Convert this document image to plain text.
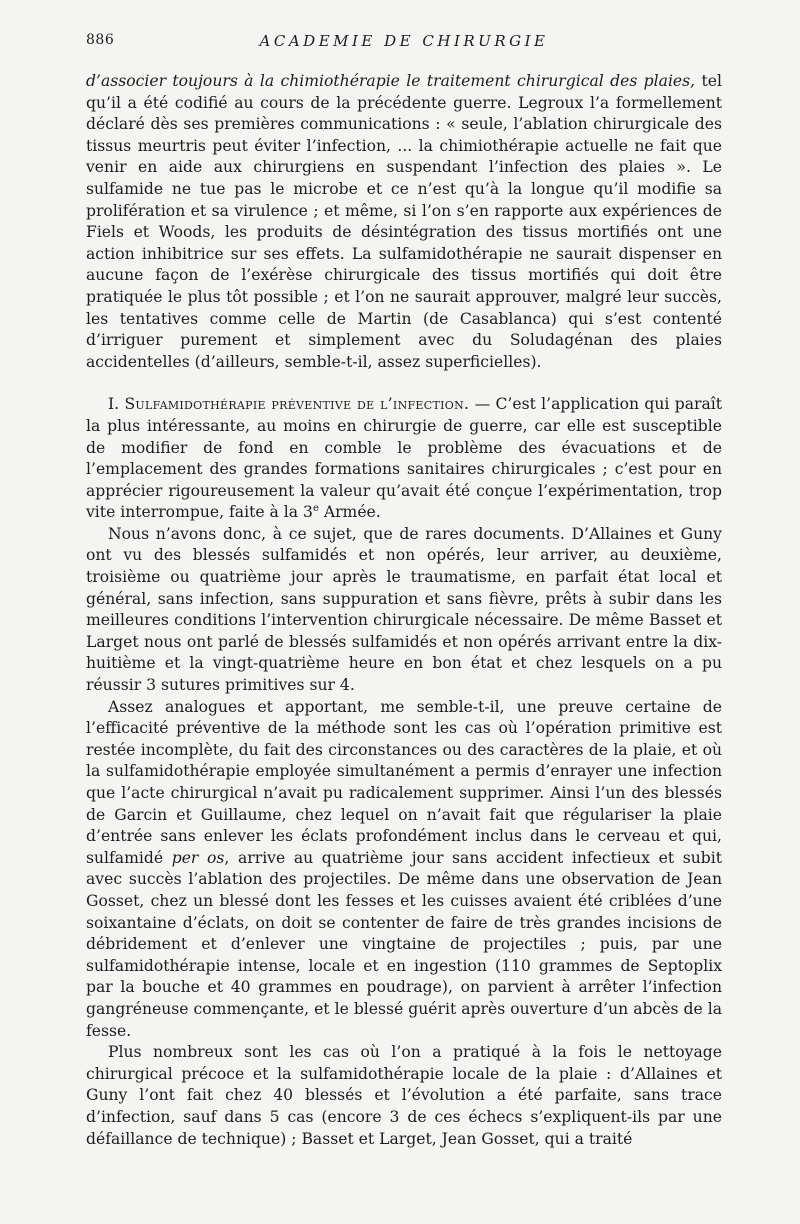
886	ACADEMIE DE CHIRURGIE

d’associer toujours à la chimiothérapie le traitement chirurgical des plaies, tel qu’il a été codifié au cours de la précédente guerre. Legroux l’a formellement déclaré dès ses premières communications : « seule, l’ablation chirurgicale des tissus meurtris peut éviter l’infection, ... la chimiothérapie actuelle ne fait que venir en aide aux chirurgiens en suspendant l’infection des plaies ». Le sulfamide ne tue pas le microbe et ce n’est qu’à la longue qu’il modifie sa prolifération et sa virulence ; et même, si l’on s’en rapporte aux expériences de Fiels et Woods, les produits de désintégration des tissus mortifiés ont une action inhibitrice sur ses effets. La sulfamidothérapie ne saurait dispenser en aucune façon de l’exérèse chirurgicale des tissus mortifiés qui doit être pratiquée le plus tôt possible ; et l’on ne saurait approuver, malgré leur succès, les tentatives comme celle de Martin (de Casablanca) qui s’est contenté d’irriguer purement et simplement avec du Soludagénan des plaies accidentelles (d’ailleurs, semble-t-il, assez superficielles).

I. Sulfamidothérapie préventive de l’infection. — C’est l’application qui paraît la plus intéressante, au moins en chirurgie de guerre, car elle est susceptible de modifier de fond en comble le problème des évacuations et de l’emplacement des grandes formations sanitaires chirurgicales ; c’est pour en apprécier rigoureusement la valeur qu’avait été conçue l’expérimentation, trop vite interrompue, faite à la 3e Armée.

Nous n’avons donc, à ce sujet, que de rares documents. D’Allaines et Guny ont vu des blessés sulfamidés et non opérés, leur arriver, au deuxième, troisième ou quatrième jour après le traumatisme, en parfait état local et général, sans infection, sans suppuration et sans fièvre, prêts à subir dans les meilleures conditions l’intervention chirurgicale nécessaire. De même Basset et Larget nous ont parlé de blessés sulfamidés et non opérés arrivant entre la dix-huitième et la vingt-quatrième heure en bon état et chez lesquels on a pu réussir 3 sutures primitives sur 4.

Assez analogues et apportant, me semble-t-il, une preuve certaine de l’efficacité préventive de la méthode sont les cas où l’opération primitive est restée incomplète, du fait des circonstances ou des caractères de la plaie, et où la sulfamidothérapie employée simultanément a permis d’enrayer une infection que l’acte chirurgical n’avait pu radicalement supprimer. Ainsi l’un des blessés de Garcin et Guillaume, chez lequel on n’avait fait que régulariser la plaie d’entrée sans enlever les éclats profondément inclus dans le cerveau et qui, sulfamidé per os, arrive au quatrième jour sans accident infectieux et subit avec succès l’ablation des projectiles. De même dans une observation de Jean Gosset, chez un blessé dont les fesses et les cuisses avaient été criblées d’une soixantaine d’éclats, on doit se contenter de faire de très grandes incisions de débridement et d’enlever une vingtaine de projectiles ; puis, par une sulfamidothérapie intense, locale et en ingestion (110 grammes de Septoplix par la bouche et 40 grammes en poudrage), on parvient à arrêter l’infection gangréneuse commençante, et le blessé guérit après ouverture d’un abcès de la fesse.

Plus nombreux sont les cas où l’on a pratiqué à la fois le nettoyage chirurgical précoce et la sulfamidothérapie locale de la plaie : d’Allaines et Guny l’ont fait chez 40 blessés et l’évolution a été parfaite, sans trace d’infection, sauf dans 5 cas (encore 3 de ces échecs s’expliquent-ils par une défaillance de technique) ; Basset et Larget, Jean Gosset, qui a traité
